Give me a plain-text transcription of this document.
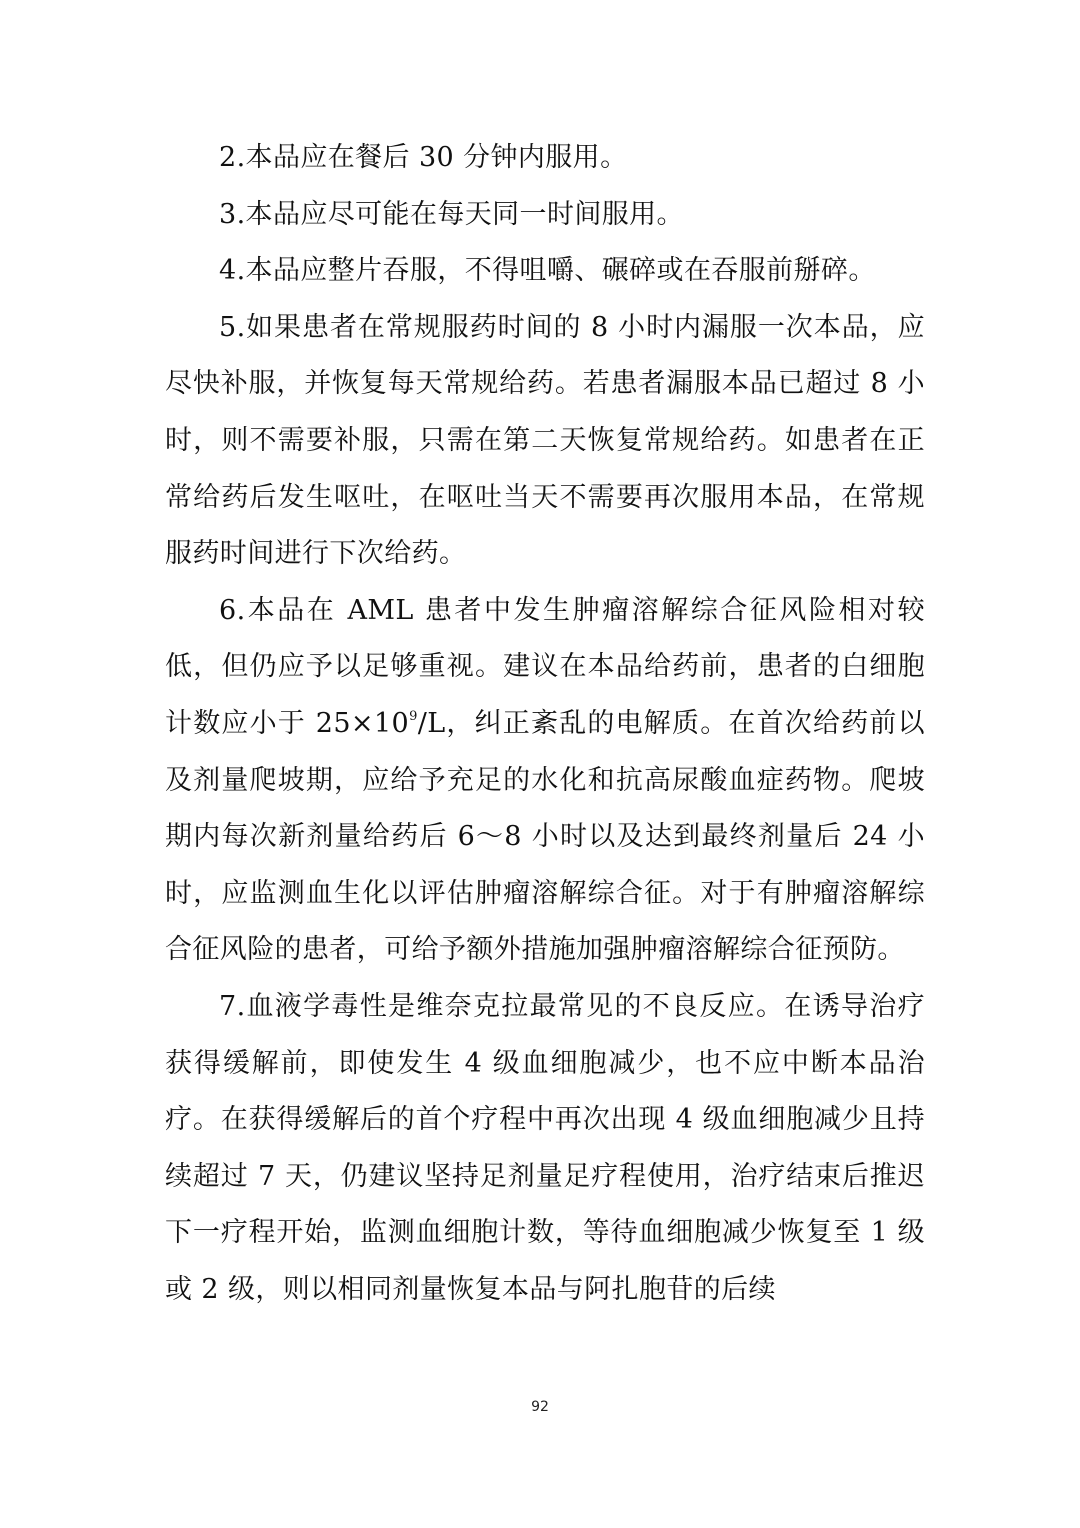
2.本品应在餐后 30 分钟内服用。

3.本品应尽可能在每天同一时间服用。

4.本品应整片吞服，不得咀嚼、碾碎或在吞服前掰碎。

5.如果患者在常规服药时间的 8 小时内漏服一次本品，应尽快补服，并恢复每天常规给药。若患者漏服本品已超过 8 小时，则不需要补服，只需在第二天恢复常规给药。如患者在正常给药后发生呕吐，在呕吐当天不需要再次服用本品，在常规服药时间进行下次给药。

6.本品在 AML 患者中发生肿瘤溶解综合征风险相对较低，但仍应予以足够重视。建议在本品给药前，患者的白细胞计数应小于 $25\times 10^9/L$，纠正紊乱的电解质。在首次给药前以及剂量爬坡期，应给予充足的水化和抗高尿酸血症药物。爬坡期内每次新剂量给药后 6～8 小时以及达到最终剂量后 24 小时，应监测血生化以评估肿瘤溶解综合征。对于有肿瘤溶解综合征风险的患者，可给予额外措施加强肿瘤溶解综合征预防。

7.血液学毒性是维奈克拉最常见的不良反应。在诱导治疗获得缓解前，即使发生 4 级血细胞减少，也不应中断本品治疗。在获得缓解后的首个疗程中再次出现 4 级血细胞减少且持续超过 7 天，仍建议坚持足剂量足疗程使用，治疗结束后推迟下一疗程开始，监测血细胞计数，等待血细胞减少恢复至 1 级或 2 级，则以相同剂量恢复本品与阿扎胞苷的后续

92
